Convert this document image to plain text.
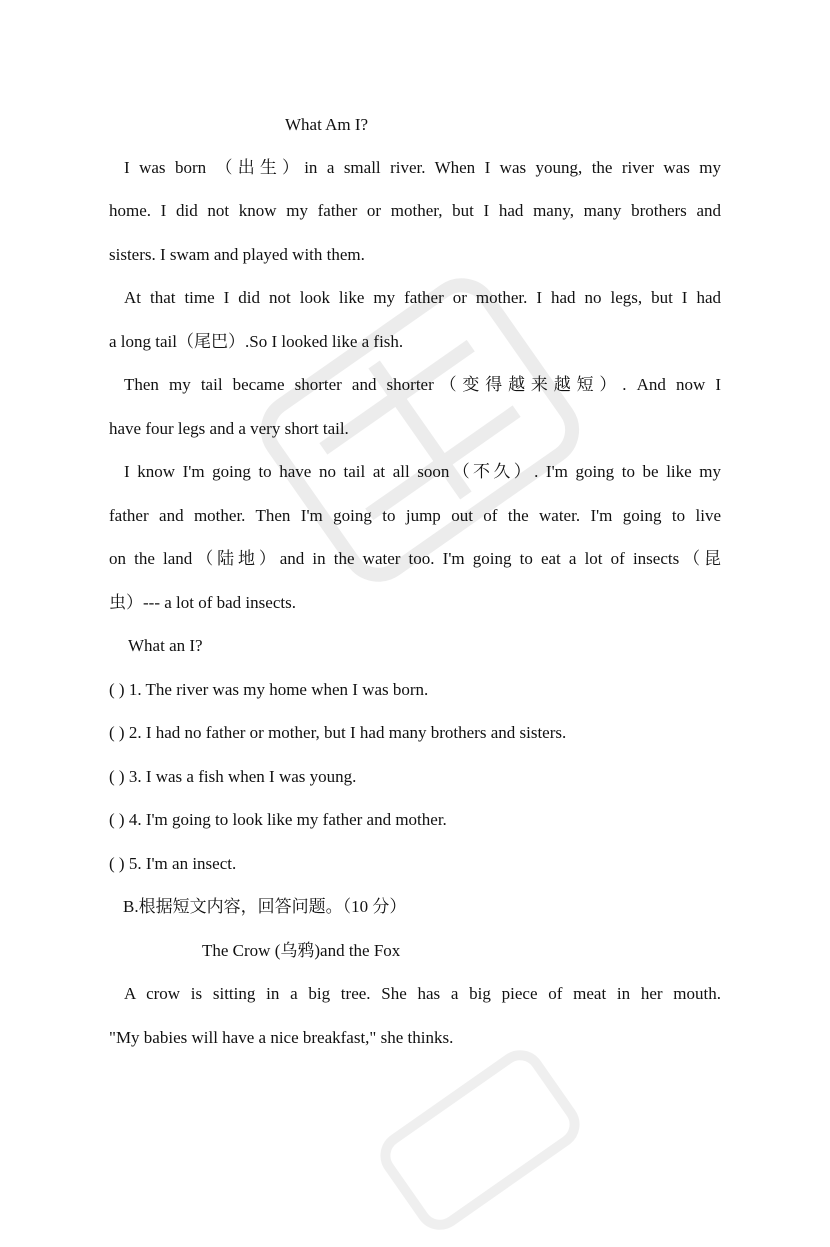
What Am I?
I was born （出生）in a small river. When I was young, the river was my
home. I did not know my father or mother, but I had many, many brothers and
sisters. I swam and played with them.
At that time I did not look like my father or mother. I had no legs, but I had
a long tail（尾巴）.So I looked like a fish.
Then my tail became shorter and shorter（变得越来越短）. And now I
have four legs and a very short tail.
I know I'm going to have no tail at all soon（不久）. I'm going to be like my
father and mother. Then I'm going to jump out of the water. I'm going to live
on the land（陆地）and in the water too. I'm going to eat a lot of insects（昆
虫）--- a lot of bad insects.
What an I?
( ) 1. The river was my home when I was born.
( ) 2. I had no father or mother, but I had many brothers and sisters.
( ) 3. I was a fish when I was young.
( ) 4. I'm going to look like my father and mother.
( ) 5. I'm an insect.
B.根据短文内容，回答问题。（10 分）
The Crow (乌鸦)and the Fox
A crow is sitting in a big tree. She has a big piece of meat in her mouth.
"My babies will have a nice breakfast," she thinks.
